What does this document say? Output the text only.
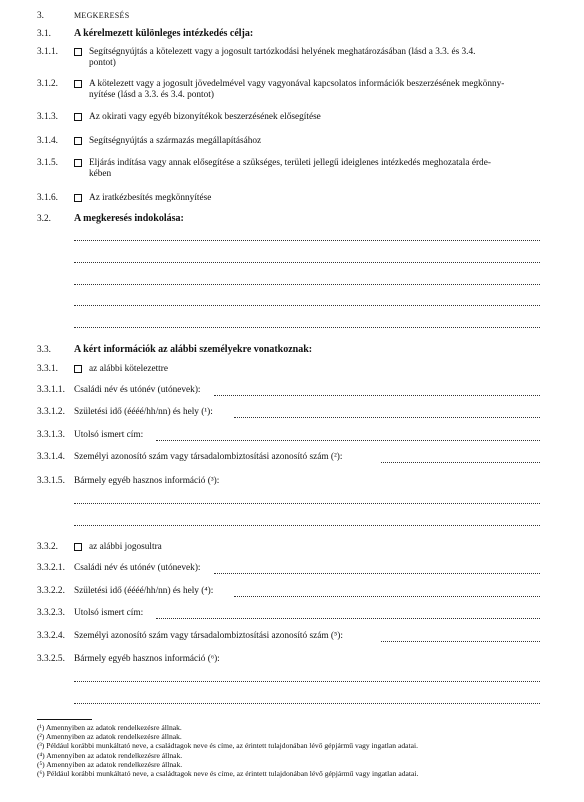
3.	MEGKERESÉS
3.1. A kérelmezett különleges intézkedés célja:
3.1.1.	Segítségnyújtás a kötelezett vagy a jogosult tartózkodási helyének meghatározásában (lásd a 3.3. és 3.4.
pontot)
3.1.2.	A kötelezett vagy a jogosult jövedelmével vagy vagyonával kapcsolatos információk beszerzésének megkönny-
nyítése (lásd a 3.3. és 3.4. pontot)
3.1.3.	Az okirati vagy egyéb bizonyítékok beszerzésének elősegítése
3.1.4.	Segítségnyújtás a származás megállapításához
3.1.5.	Eljárás indítása vagy annak elősegítése a szükséges, területi jellegű ideiglenes intézkedés meghozatala érde-
kében
3.1.6.	Az iratkézbesítés megkönnyítése
3.2. A megkeresés indokolása:
3.3. A kért információk az alábbi személyekre vonatkoznak:
3.3.1.	az alábbi kötelezettre
3.3.1.1. Családi név és utónév (utónevek):
3.3.1.2. Születési idő (éééé/hh/nn) és hely (¹):
3.3.1.3. Utolsó ismert cím:
3.3.1.4. Személyi azonosító szám vagy társadalombiztosítási azonosító szám (²):
3.3.1.5. Bármely egyéb hasznos információ (³):
3.3.2.	az alábbi jogosultra
3.3.2.1. Családi név és utónév (utónevek):
3.3.2.2. Születési idő (éééé/hh/nn) és hely (⁴):
3.3.2.3. Utolsó ismert cím:
3.3.2.4. Személyi azonosító szám vagy társadalombiztosítási azonosító szám (⁵):
3.3.2.5. Bármely egyéb hasznos információ (⁶):
(¹) Amennyiben az adatok rendelkezésre állnak.
(²) Amennyiben az adatok rendelkezésre állnak.
(³) Például korábbi munkáltató neve, a családtagok neve és címe, az érintett tulajdonában lévő gépjármű vagy ingatlan adatai.
(⁴) Amennyiben az adatok rendelkezésre állnak.
(⁵) Amennyiben az adatok rendelkezésre állnak.
(⁶) Például korábbi munkáltató neve, a családtagok neve és címe, az érintett tulajdonában lévő gépjármű vagy ingatlan adatai.
